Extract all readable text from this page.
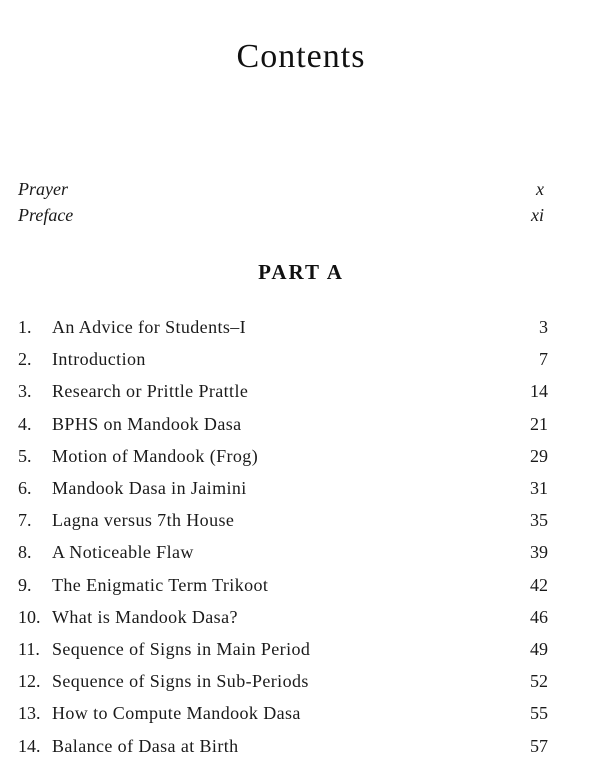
Contents
Prayer	x
Preface	xi
PART A
1.	An Advice for Students–I	3
2.	Introduction	7
3.	Research or Prittle Prattle	14
4.	BPHS on Mandook Dasa	21
5.	Motion of Mandook (Frog)	29
6.	Mandook Dasa in Jaimini	31
7.	Lagna versus 7th House	35
8.	A Noticeable Flaw	39
9.	The Enigmatic Term Trikoot	42
10. What is Mandook Dasa?	46
11. Sequence of Signs in Main Period	49
12. Sequence of Signs in Sub-Periods	52
13. How to Compute Mandook Dasa	55
14. Balance of Dasa at Birth	57
